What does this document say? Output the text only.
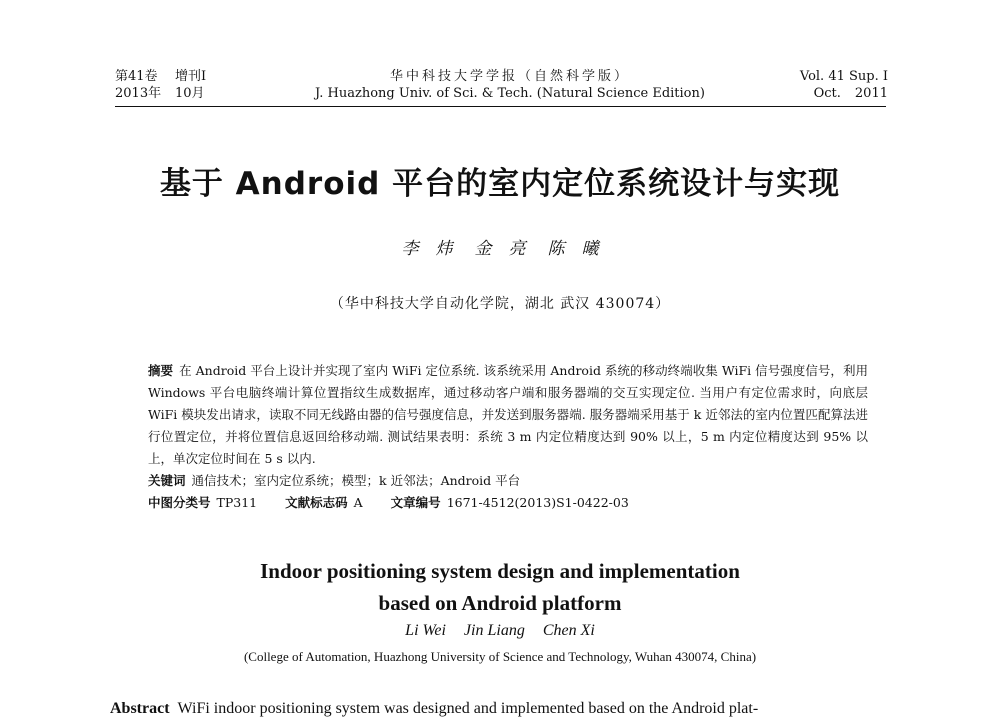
第41卷 增刊Ⅰ
2013年 10月
华中科技大学学报（自然科学版）
J. Huazhong Univ. of Sci. & Tech. (Natural Science Edition)
Vol. 41 Sup. Ⅰ
Oct. 2011
基于 Android 平台的室内定位系统设计与实现
李　炜 金　亮 陈　曦
（华中科技大学自动化学院，湖北 武汉 430074）

摘要 在 Android 平台上设计并实现了室内 WiFi 定位系统. 该系统采用 Android 系统的移动终端收集 WiFi 信号强度信号，利用 Windows 平台电脑终端计算位置指纹生成数据库，通过移动客户端和服务器端的交互实现定位. 当用户有定位需求时，向底层 WiFi 模块发出请求，读取不同无线路由器的信号强度信息，并发送到服务器端. 服务器端采用基于 k 近邻法的室内位置匹配算法进行位置定位，并将位置信息返回给移动端. 测试结果表明：系统 3 m 内定位精度达到 90% 以上，5 m 内定位精度达到 95% 以上，单次定位时间在 5 s 以内.

关键词 通信技术；室内定位系统；模型；k 近邻法；Android 平台

中图分类号 TP311 文献标志码 A 文章编号 1671-4512(2013)S1-0422-03

Indoor positioning system design and implementation
based on Android platform
Li Wei Jin Liang Chen Xi
(College of Automation, Huazhong University of Science and Technology, Wuhan 430074, China)
Abstract WiFi indoor positioning system was designed and implemented based on the Android plat-
